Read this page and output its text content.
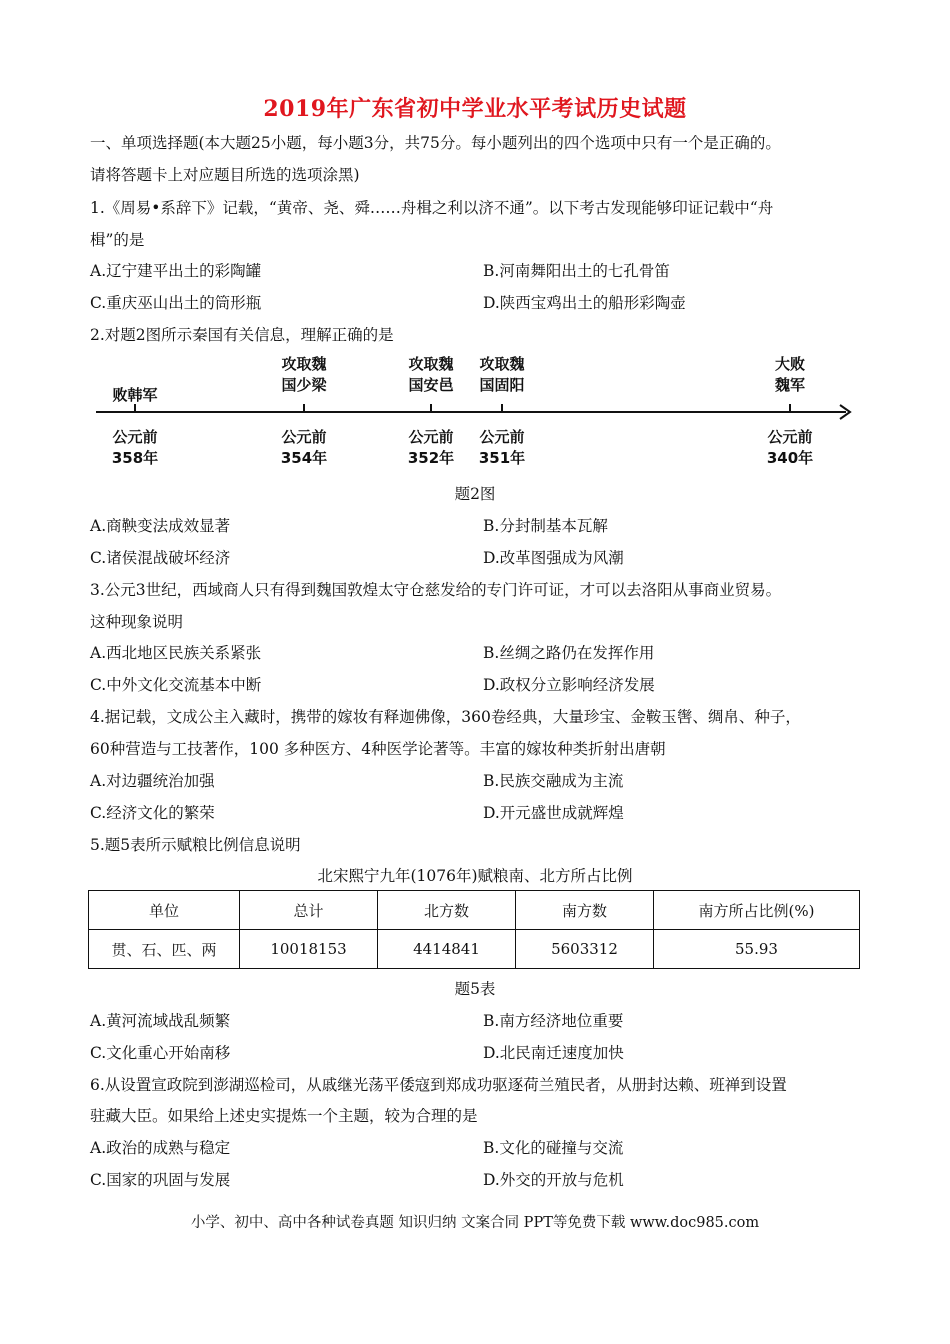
2019年广东省初中学业水平考试历史试题
一、单项选择题(本大题25小题，每小题3分，共75分。每小题列出的四个选项中只有一个是正确的。
请将答题卡上对应题目所选的选项涂黑)
1.《周易•系辞下》记载，“黄帝、尧、舜……舟楫之利以济不通”。以下考古发现能够印证记载中“舟
楫”的是
A.辽宁建平出土的彩陶罐	B.河南舞阳出土的七孔骨笛
C.重庆巫山出土的筒形瓶	D.陕西宝鸡出土的船形彩陶壶
2.对题2图所示秦国有关信息，理解正确的是
败韩军
攻取魏
国少梁
攻取魏
国安邑
攻取魏
国固阳
大败
魏军
公元前
358年
公元前
354年
公元前
352年
公元前
351年
公元前
340年
题2图
A.商鞅变法成效显著	B.分封制基本瓦解
C.诸侯混战破坏经济	D.改革图强成为风潮
3.公元3世纪，西域商人只有得到魏国敦煌太守仓慈发给的专门许可证，才可以去洛阳从事商业贸易。
这种现象说明
A.西北地区民族关系紧张	B.丝绸之路仍在发挥作用
C.中外文化交流基本中断	D.政权分立影响经济发展
4.据记载，文成公主入藏时，携带的嫁妆有释迦佛像，360卷经典，大量珍宝、金鞍玉辔、绸帛、种子，
60种营造与工技著作，100 多种医方、4种医学论著等。丰富的嫁妆种类折射出唐朝
A.对边疆统治加强	B.民族交融成为主流
C.经济文化的繁荣	D.开元盛世成就辉煌
5.题5表所示赋粮比例信息说明
北宋熙宁九年(1076年)赋粮南、北方所占比例
单位	总计	北方数	南方数	南方所占比例(%)
贯、石、匹、两	10018153	4414841	5603312	55.93
题5表
A.黄河流域战乱频繁	B.南方经济地位重要
C.文化重心开始南移	D.北民南迁速度加快
6.从设置宣政院到澎湖巡检司，从戚继光荡平倭寇到郑成功驱逐荷兰殖民者，从册封达赖、班禅到设置
驻藏大臣。如果给上述史实提炼一个主题，较为合理的是
A.政治的成熟与稳定	B.文化的碰撞与交流
C.国家的巩固与发展	D.外交的开放与危机
小学、初中、高中各种试卷真题 知识归纳 文案合同 PPT等免费下载 www.doc985.com
